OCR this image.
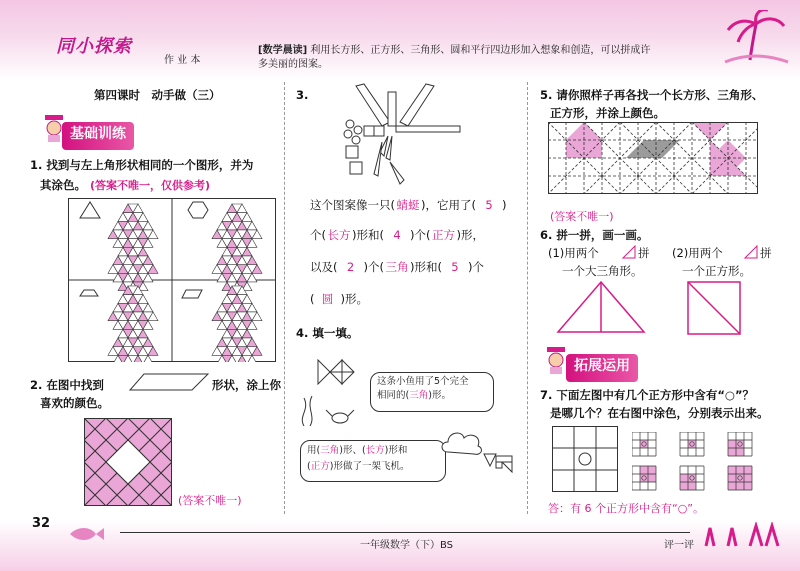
同小探索
作 业 本
[数学晨读] 利用长方形、正方形、三角形、圆和平行四边形加入想象和创造，可以拼成许多美丽的图案。
第四课时　动手做（三）
基础训练
1. 找到与左上角形状相同的一个图形，并为
其涂色。 (答案不唯一，仅供参考)
2. 在图中找到	形状，涂上你
喜欢的颜色。
(答案不唯一)
3.
这个图案像一只( 蜻蜓 )，它用了( 5 )
个( 长方 )形和( 4 )个( 正方 )形，
以及( 2 )个( 三角 )形和( 5 )个
( 圆 )形。
4. 填一填。
这条小鱼用了5个完全
相同的(三角)形。
用(三角)形、(长方)形和
(正方)形做了一架飞机。
5. 请你照样子再各找一个长方形、三角形、
正方形，并涂上颜色。
(答案不唯一)
6. 拼一拼，画一画。
(1)用两个	拼
一个大三角形。
(2)用两个	拼
一个正方形。
拓展运用
7. 下面左图中有几个正方形中含有“○”？
是哪几个？在右图中涂色，分别表示出来。
答：有 6 个正方形中含有“○”。
32
一年级数学（下）BS	评一评
